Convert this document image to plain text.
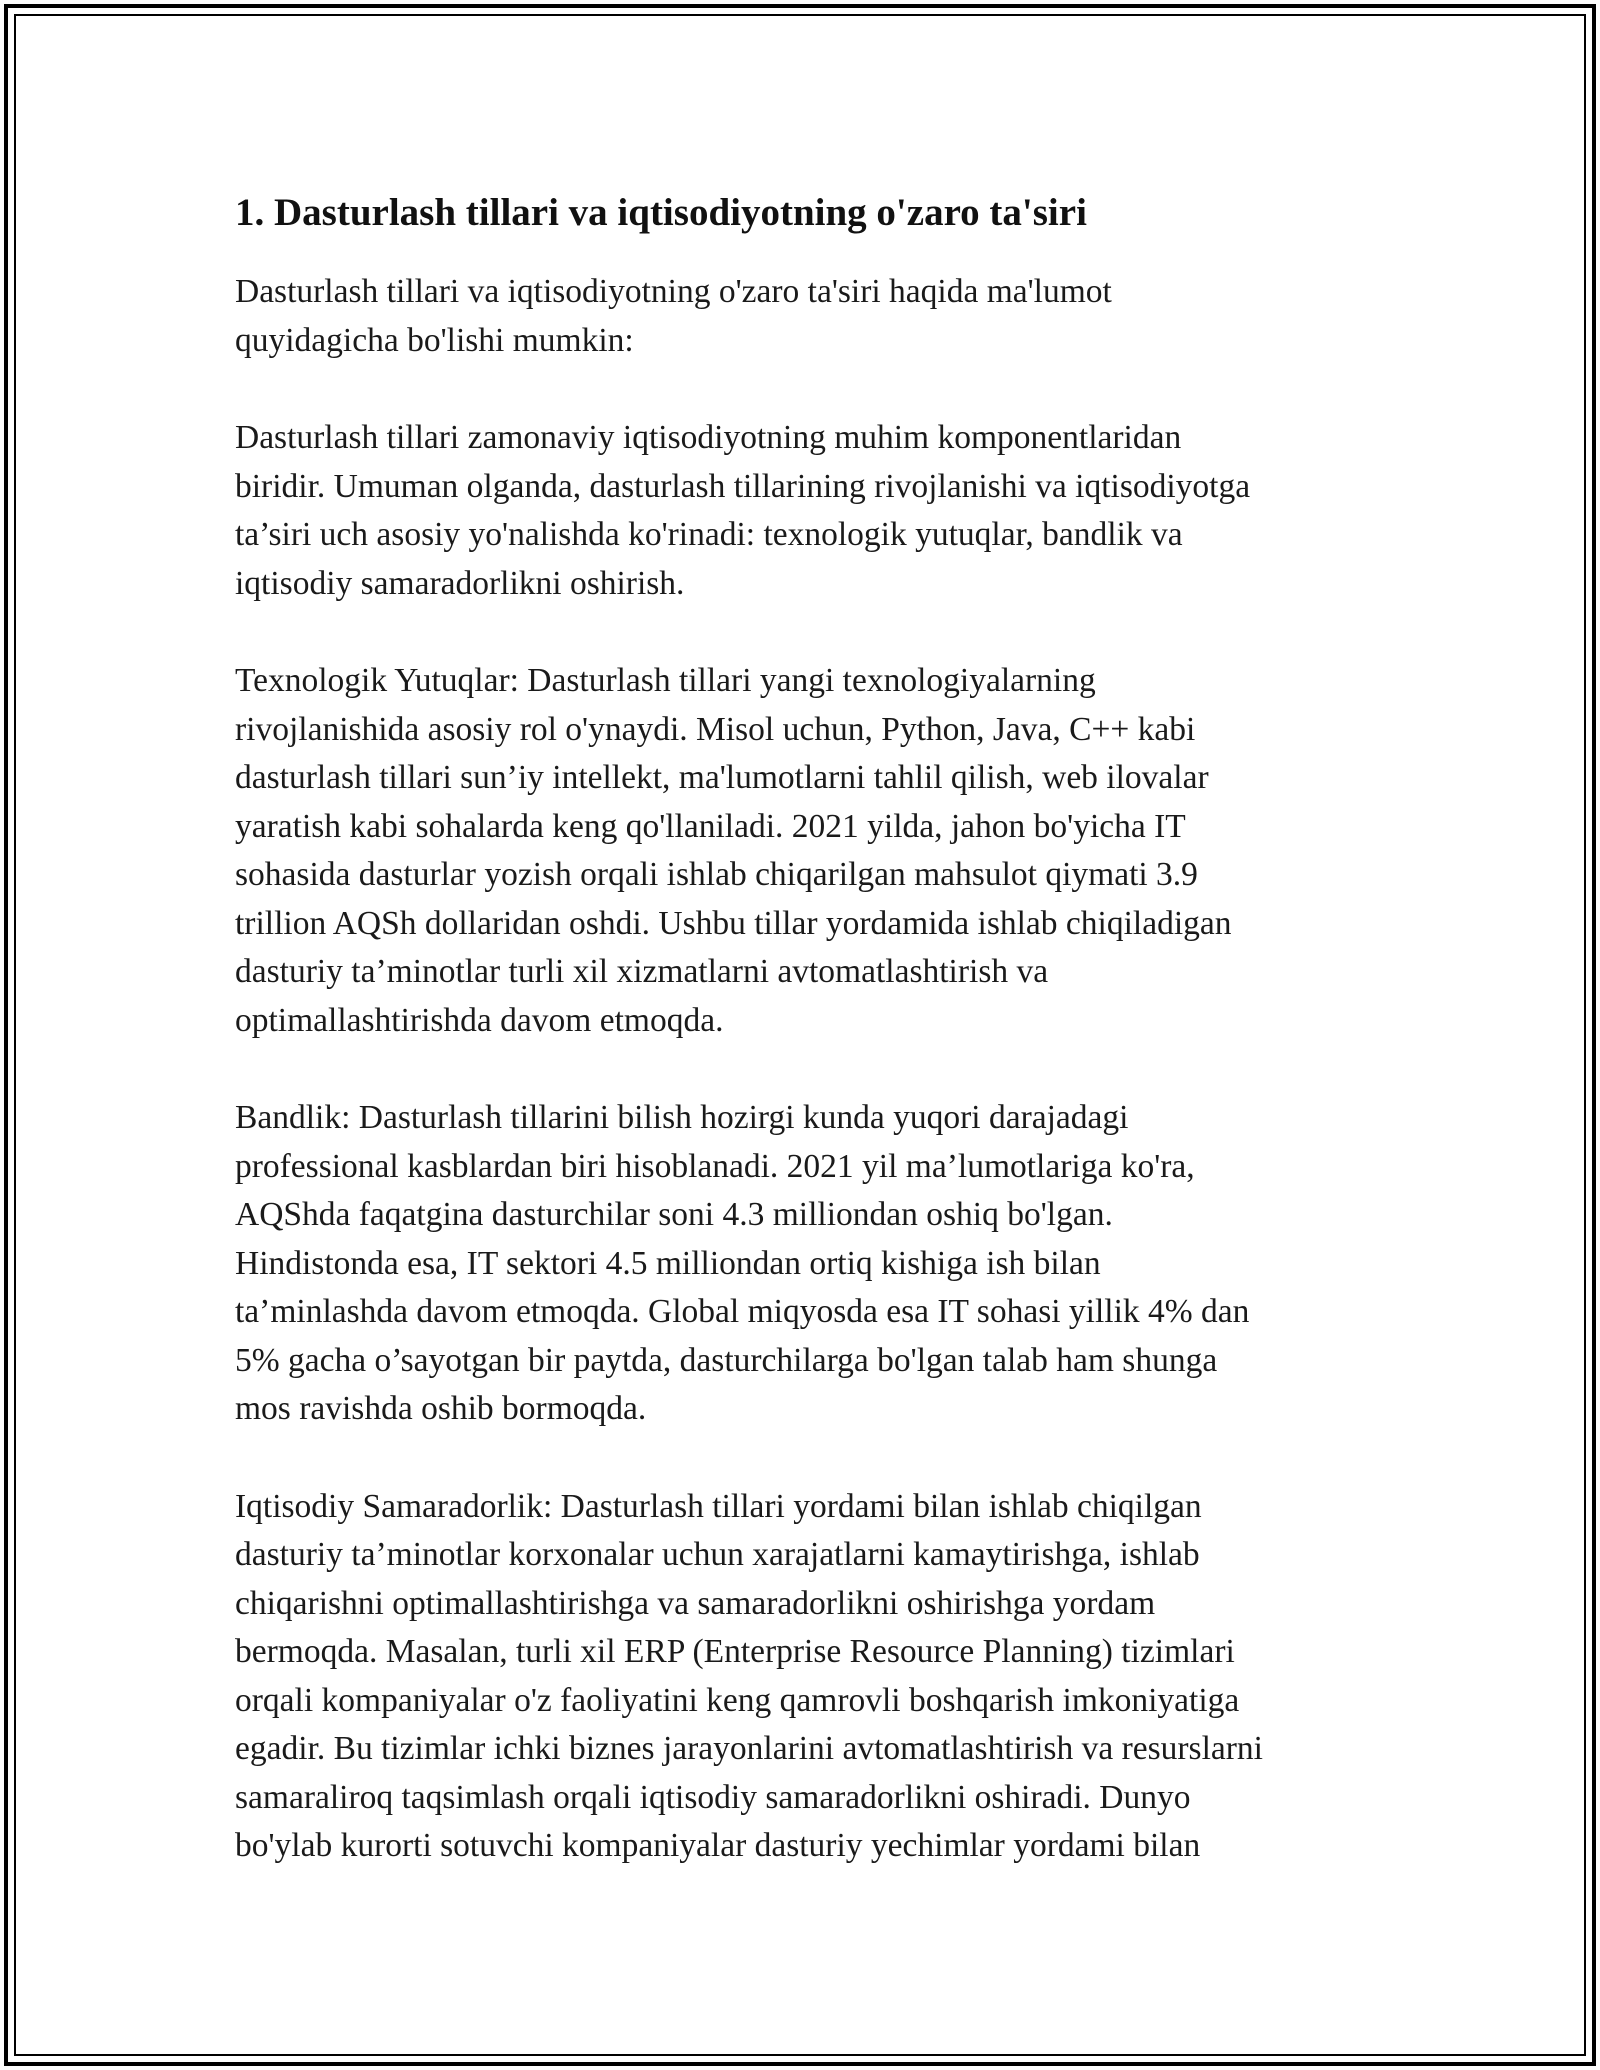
1. Dasturlash tillari va iqtisodiyotning o'zaro ta'siri

Dasturlash tillari va iqtisodiyotning o'zaro ta'siri haqida ma'lumot
quyidagicha bo'lishi mumkin:

Dasturlash tillari zamonaviy iqtisodiyotning muhim komponentlaridan
biridir. Umuman olganda, dasturlash tillarining rivojlanishi va iqtisodiyotga
ta’siri uch asosiy yo'nalishda ko'rinadi: texnologik yutuqlar, bandlik va
iqtisodiy samaradorlikni oshirish.

Texnologik Yutuqlar: Dasturlash tillari yangi texnologiyalarning
rivojlanishida asosiy rol o'ynaydi. Misol uchun, Python, Java, C++ kabi
dasturlash tillari sun’iy intellekt, ma'lumotlarni tahlil qilish, web ilovalar
yaratish kabi sohalarda keng qo'llaniladi. 2021 yilda, jahon bo'yicha IT
sohasida dasturlar yozish orqali ishlab chiqarilgan mahsulot qiymati 3.9
trillion AQSh dollaridan oshdi. Ushbu tillar yordamida ishlab chiqiladigan
dasturiy ta’minotlar turli xil xizmatlarni avtomatlashtirish va
optimallashtirishda davom etmoqda.

Bandlik: Dasturlash tillarini bilish hozirgi kunda yuqori darajadagi
professional kasblardan biri hisoblanadi. 2021 yil ma’lumotlariga ko'ra,
AQShda faqatgina dasturchilar soni 4.3 milliondan oshiq bo'lgan.
Hindistonda esa, IT sektori 4.5 milliondan ortiq kishiga ish bilan
ta’minlashda davom etmoqda. Global miqyosda esa IT sohasi yillik 4% dan
5% gacha o’sayotgan bir paytda, dasturchilarga bo'lgan talab ham shunga
mos ravishda oshib bormoqda.

Iqtisodiy Samaradorlik: Dasturlash tillari yordami bilan ishlab chiqilgan
dasturiy ta’minotlar korxonalar uchun xarajatlarni kamaytirishga, ishlab
chiqarishni optimallashtirishga va samaradorlikni oshirishga yordam
bermoqda. Masalan, turli xil ERP (Enterprise Resource Planning) tizimlari
orqali kompaniyalar o'z faoliyatini keng qamrovli boshqarish imkoniyatiga
egadir. Bu tizimlar ichki biznes jarayonlarini avtomatlashtirish va resurslarni
samaraliroq taqsimlash orqali iqtisodiy samaradorlikni oshiradi. Dunyo
bo'ylab kurorti sotuvchi kompaniyalar dasturiy yechimlar yordami bilan
